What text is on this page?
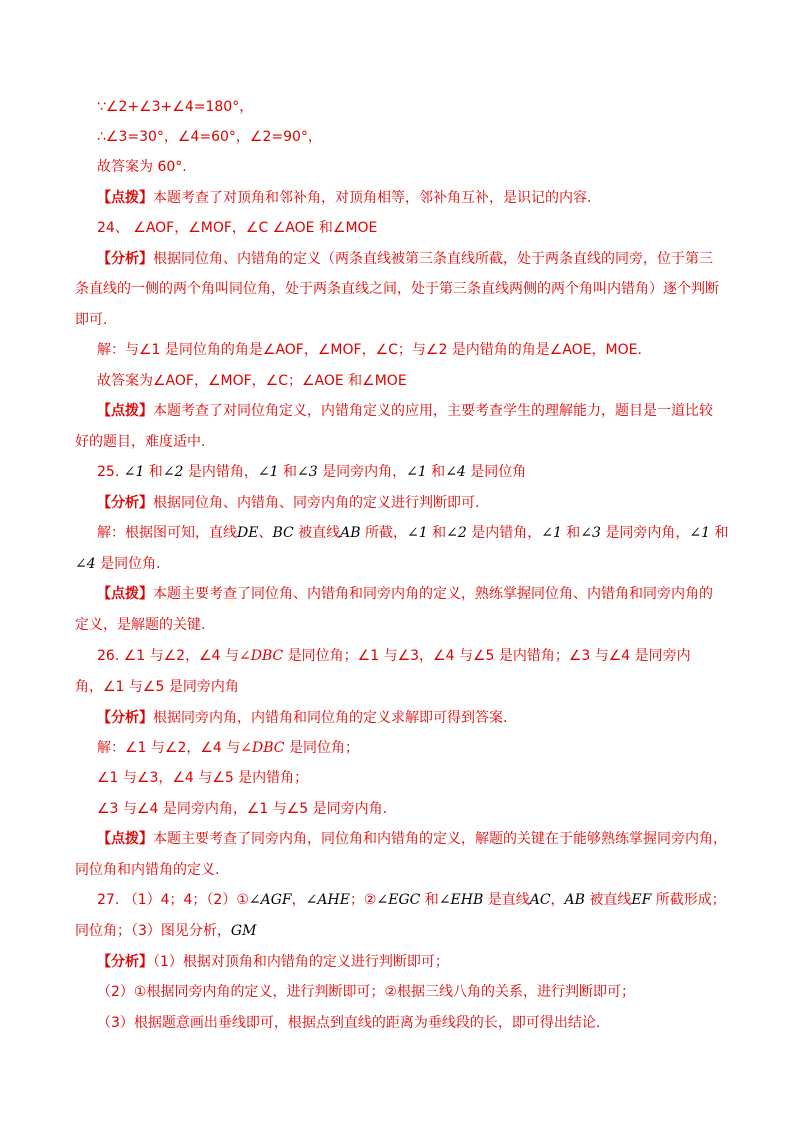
∵∠2+∠3+∠4=180°，
∴∠3=30°，∠4=60°，∠2=90°，
故答案为 60°.
【点拨】本题考查了对顶角和邻补角，对顶角相等，邻补角互补，是识记的内容.
24、 ∠AOF，∠MOF，∠C ∠AOE 和∠MOE
【分析】根据同位角、内错角的定义（两条直线被第三条直线所截，处于两条直线的同旁，位于第三
条直线的一侧的两个角叫同位角，处于两条直线之间，处于第三条直线两侧的两个角叫内错角）逐个判断
即可.
解：与∠1 是同位角的角是∠AOF，∠MOF，∠C；与∠2 是内错角的角是∠AOE，MOE.
故答案为∠AOF，∠MOF，∠C；∠AOE 和∠MOE
【点拨】本题考查了对同位角定义，内错角定义的应用，主要考查学生的理解能力，题目是一道比较
好的题目，难度适中.
25. ∠1 和∠2 是内错角，∠1 和∠3 是同旁内角，∠1 和∠4 是同位角
【分析】根据同位角、内错角、同旁内角的定义进行判断即可.
解：根据图可知，直线DE、BC 被直线AB 所截，∠1 和∠2 是内错角，∠1 和∠3 是同旁内角，∠1 和
∠4 是同位角.
【点拨】本题主要考查了同位角、内错角和同旁内角的定义，熟练掌握同位角、内错角和同旁内角的
定义，是解题的关键.
26. ∠1 与∠2，∠4 与∠DBC 是同位角；∠1 与∠3，∠4 与∠5 是内错角；∠3 与∠4 是同旁内
角，∠1 与∠5 是同旁内角
【分析】根据同旁内角，内错角和同位角的定义求解即可得到答案.
解：∠1 与∠2，∠4 与∠DBC 是同位角；
∠1 与∠3，∠4 与∠5 是内错角；
∠3 与∠4 是同旁内角，∠1 与∠5 是同旁内角.
【点拨】本题主要考查了同旁内角，同位角和内错角的定义，解题的关键在于能够熟练掌握同旁内角，
同位角和内错角的定义.
27. （1）4；4；（2）①∠AGF，∠AHE；②∠EGC 和∠EHB 是直线AC，AB 被直线EF 所截形成；
同位角；（3）图见分析，GM
【分析】（1）根据对顶角和内错角的定义进行判断即可；
（2）①根据同旁内角的定义，进行判断即可；②根据三线八角的关系，进行判断即可；
（3）根据题意画出垂线即可，根据点到直线的距离为垂线段的长，即可得出结论.
